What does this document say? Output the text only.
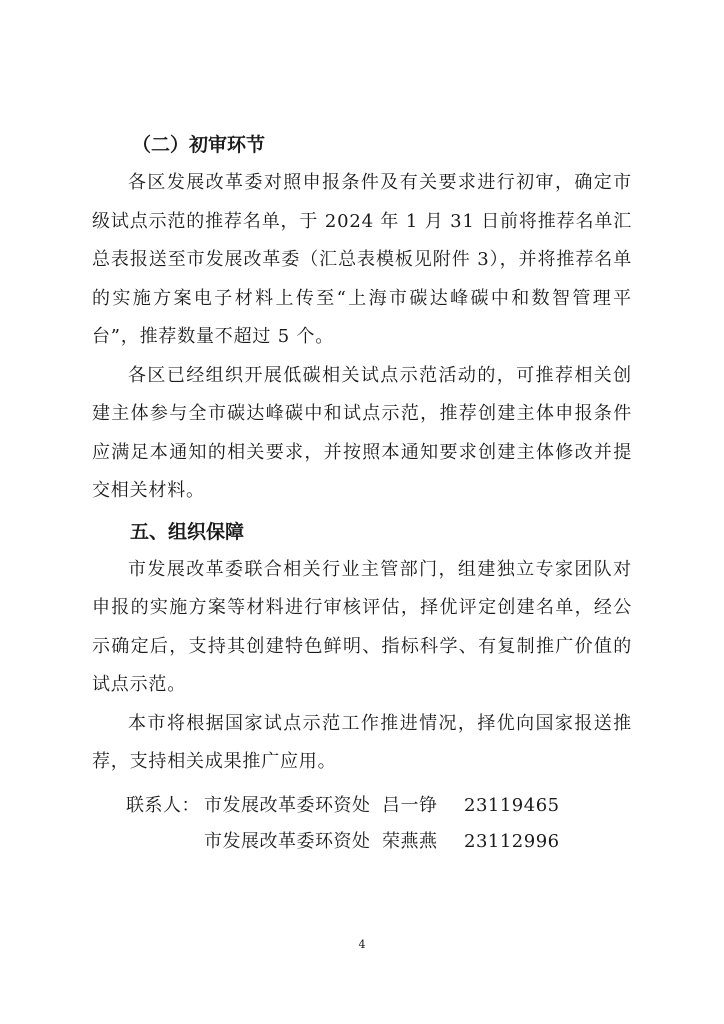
（二）初审环节

各区发展改革委对照申报条件及有关要求进行初审，确定市级试点示范的推荐名单，于 2024 年 1 月 31 日前将推荐名单汇总表报送至市发展改革委（汇总表模板见附件 3），并将推荐名单的实施方案电子材料上传至“上海市碳达峰碳中和数智管理平台”，推荐数量不超过 5 个。

各区已经组织开展低碳相关试点示范活动的，可推荐相关创建主体参与全市碳达峰碳中和试点示范，推荐创建主体申报条件应满足本通知的相关要求，并按照本通知要求创建主体修改并提交相关材料。

五、组织保障

市发展改革委联合相关行业主管部门，组建独立专家团队对申报的实施方案等材料进行审核评估，择优评定创建名单，经公示确定后，支持其创建特色鲜明、指标科学、有复制推广价值的试点示范。

本市将根据国家试点示范工作推进情况，择优向国家报送推荐，支持相关成果推广应用。

联系人： 市发展改革委环资处 吕一铮 23119465
市发展改革委环资处 荣燕燕 23112996
4
